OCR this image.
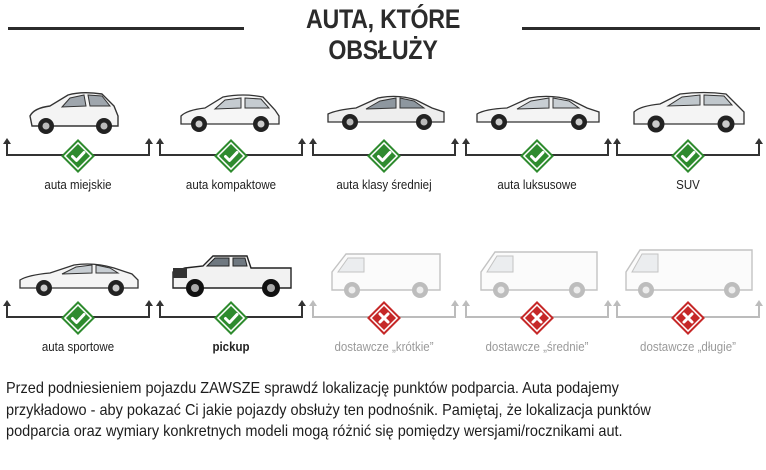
AUTA, KTÓRE OBSŁUŻY
auta miejskie	auta kompaktowe	auta klasy średniej	auta luksusowe	SUV
auta sportowe	pickup	dostawcze „krótkie”	dostawcze „średnie”	dostawcze „długie”
Przed podniesieniem pojazdu ZAWSZE sprawdź lokalizację punktów podparcia. Auta podajemy
przykładowo - aby pokazać Ci jakie pojazdy obsłuży ten podnośnik. Pamiętaj, że lokalizacja punktów
podparcia oraz wymiary konkretnych modeli mogą różnić się pomiędzy wersjami/rocznikami aut.
